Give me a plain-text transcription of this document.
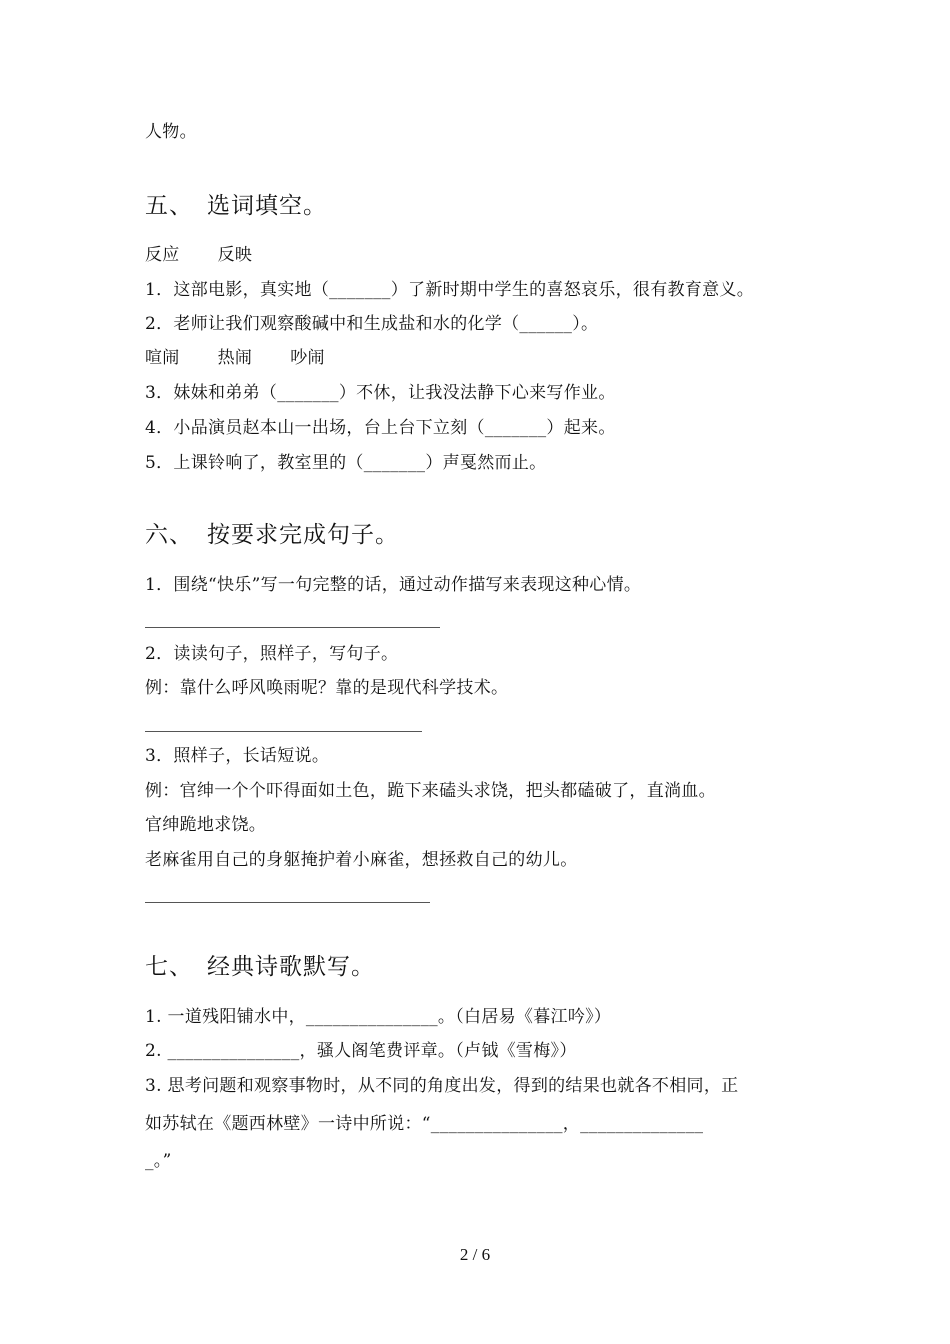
人物。
五、 选词填空。
反应 反映
1．这部电影，真实地（_______）了新时期中学生的喜怒哀乐，很有教育意义。
2．老师让我们观察酸碱中和生成盐和水的化学（______）。
喧闹 热闹 吵闹
3．妹妹和弟弟（_______）不休，让我没法静下心来写作业。
4．小品演员赵本山一出场，台上台下立刻（_______）起来。
5．上课铃响了，教室里的（_______）声戛然而止。
六、 按要求完成句子。
1．围绕“快乐”写一句完整的话，通过动作描写来表现这种心情。
2．读读句子，照样子，写句子。
例：靠什么呼风唤雨呢？靠的是现代科学技术。
3．照样子，长话短说。
例：官绅一个个吓得面如土色，跪下来磕头求饶，把头都磕破了，直淌血。
官绅跪地求饶。
老麻雀用自己的身躯掩护着小麻雀，想拯救自己的幼儿。
七、 经典诗歌默写。
1. 一道残阳铺水中，_______________。（白居易《暮江吟》）
2. _______________，骚人阁笔费评章。（卢钺《雪梅》）
3. 思考问题和观察事物时，从不同的角度出发，得到的结果也就各不相同，正
如苏轼在《题西林壁》一诗中所说：“_______________，______________
_。”
2 / 6
